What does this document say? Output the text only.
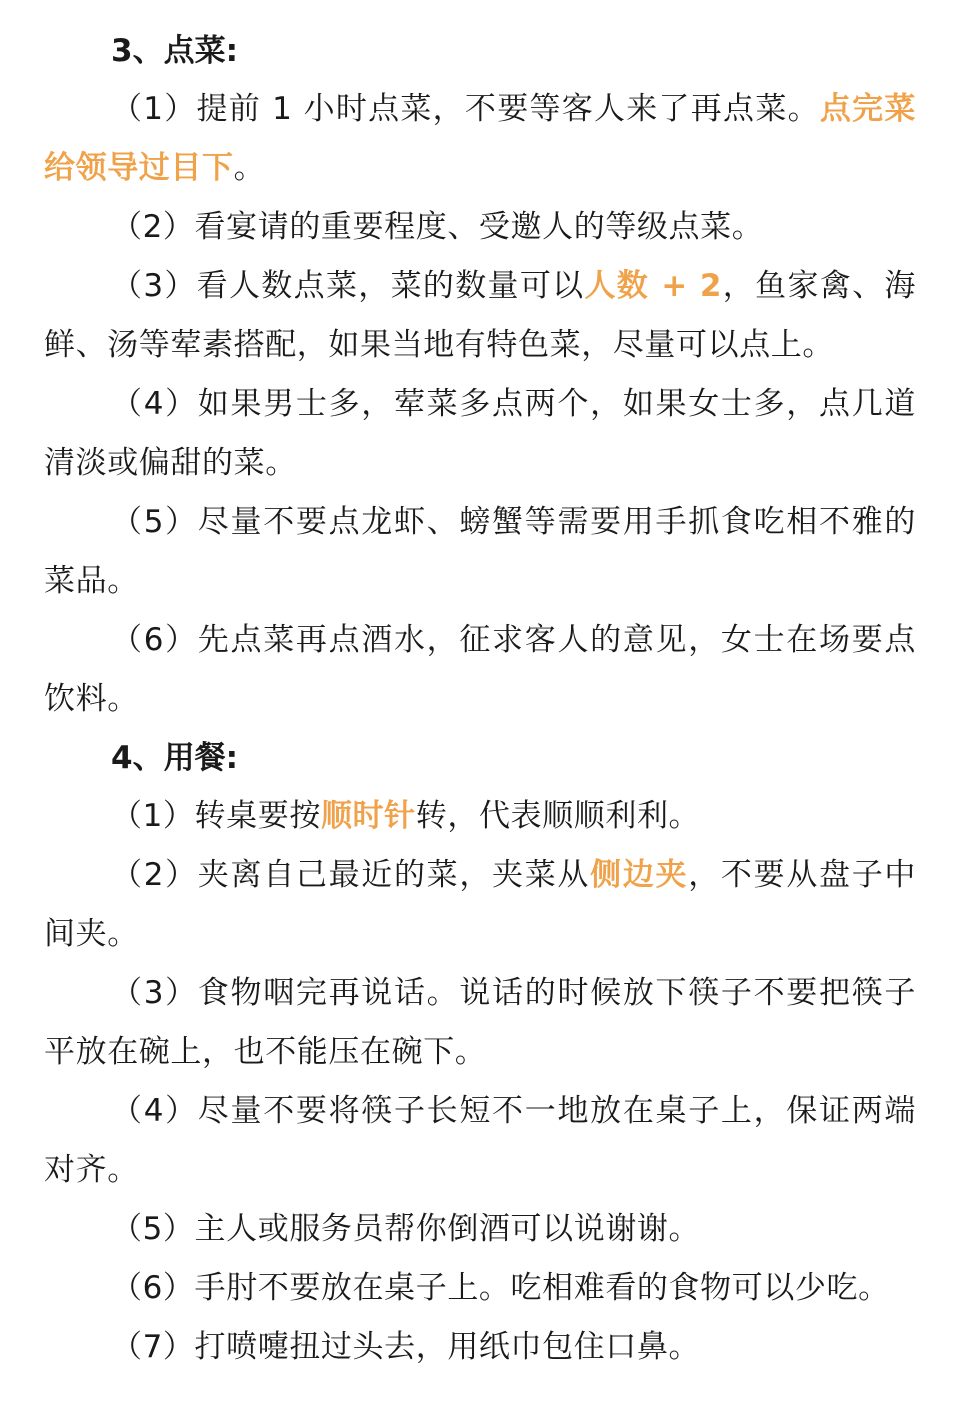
3、点菜:

（1）提前 1 小时点菜，不要等客人来了再点菜。点完菜给领导过目下。

（2）看宴请的重要程度、受邀人的等级点菜。

（3）看人数点菜，菜的数量可以人数 + 2，鱼家禽、海鲜、汤等荤素搭配，如果当地有特色菜，尽量可以点上。

（4）如果男士多，荤菜多点两个，如果女士多，点几道清淡或偏甜的菜。

（5）尽量不要点龙虾、螃蟹等需要用手抓食吃相不雅的菜品。

（6）先点菜再点酒水，征求客人的意见，女士在场要点饮料。

4、用餐:

（1）转桌要按顺时针转，代表顺顺利利。

（2）夹离自己最近的菜，夹菜从侧边夹，不要从盘子中间夹。

（3）食物咽完再说话。说话的时候放下筷子不要把筷子平放在碗上，也不能压在碗下。

（4）尽量不要将筷子长短不一地放在桌子上，保证两端对齐。

（5）主人或服务员帮你倒酒可以说谢谢。

（6）手肘不要放在桌子上。吃相难看的食物可以少吃。

（7）打喷嚏扭过头去，用纸巾包住口鼻。
